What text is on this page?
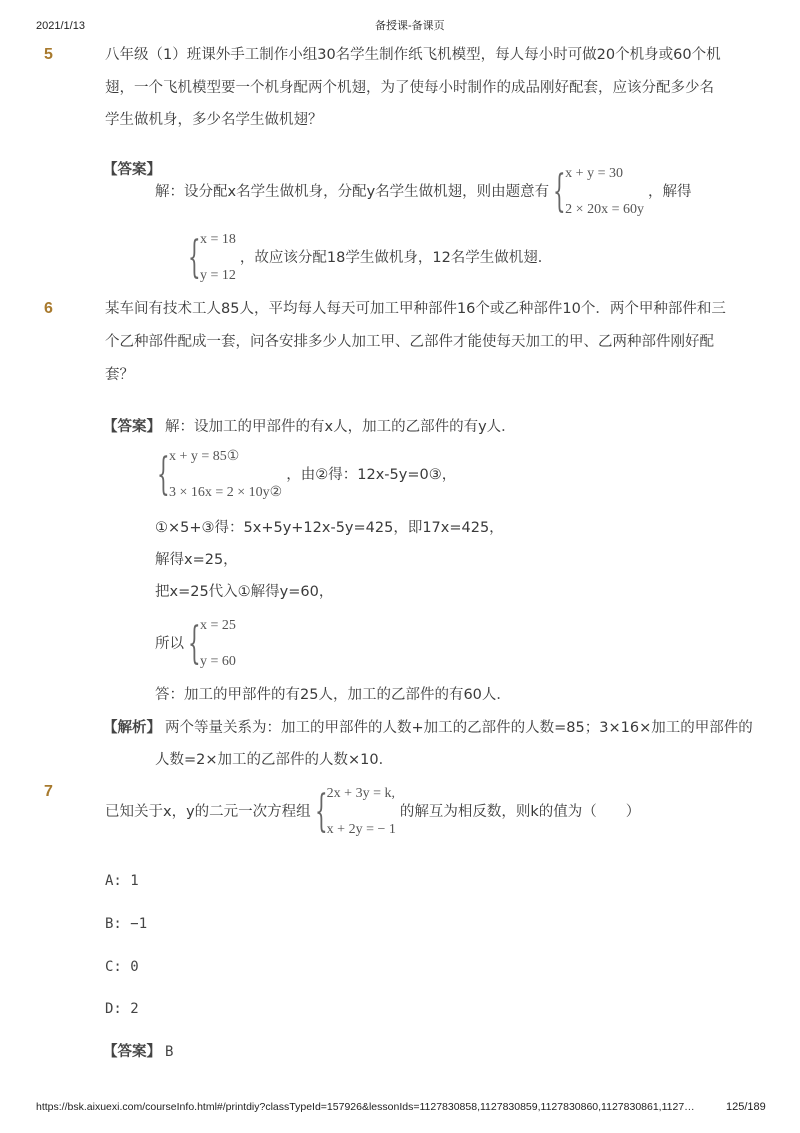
2021/1/13	备授课-备课页
5	八年级（1）班课外手工制作小组30名学生制作纸飞机模型，每人每小时可做20个机身或60个机
翅，一个飞机模型要一个机身配两个机翅，为了使每小时制作的成品刚好配套，应该分配多少名
学生做机身，多少名学生做机翅？
【答案】
解：设分配x名学生做机身，分配y名学生做机翅，则由题意有 { x + y = 30
2 × 20x = 60y
，解得
{ x = 18
y = 12
，故应该分配18学生做机身，12名学生做机翅．
6	某车间有技术工人85人，平均每人每天可加工甲种部件16个或乙种部件10个．两个甲种部件和三
个乙种部件配成一套，问各安排多少人加工甲、乙部件才能使每天加工的甲、乙两种部件刚好配
套？
【答案】 解：设加工的甲部件的有x人，加工的乙部件的有y人．
{ x + y = 85①
3 × 16x = 2 × 10y②
，由②得：12x-5y=0③，
①×5+③得：5x+5y+12x-5y=425，即17x=425，
解得x=25，
把x=25代入①解得y=60，
所以 { x = 25
y = 60
答：加工的甲部件的有25人，加工的乙部件的有60人．
【解析】 两个等量关系为：加工的甲部件的人数+加工的乙部件的人数=85；3×16×加工的甲部件的
人数=2×加工的乙部件的人数×10．
7
已知关于x，y的二元一次方程组 { 2x + 3y = k,
x + 2y = − 1
的解互为相反数，则k的值为（　　）
A: 1
B: −1
C: 0
D: 2
【答案】 B
https://bsk.aixuexi.com/courseInfo.html#/printdiy?classTypeId=157926&lessonIds=1127830858,1127830859,1127830860,1127830861,1127…	125/189
